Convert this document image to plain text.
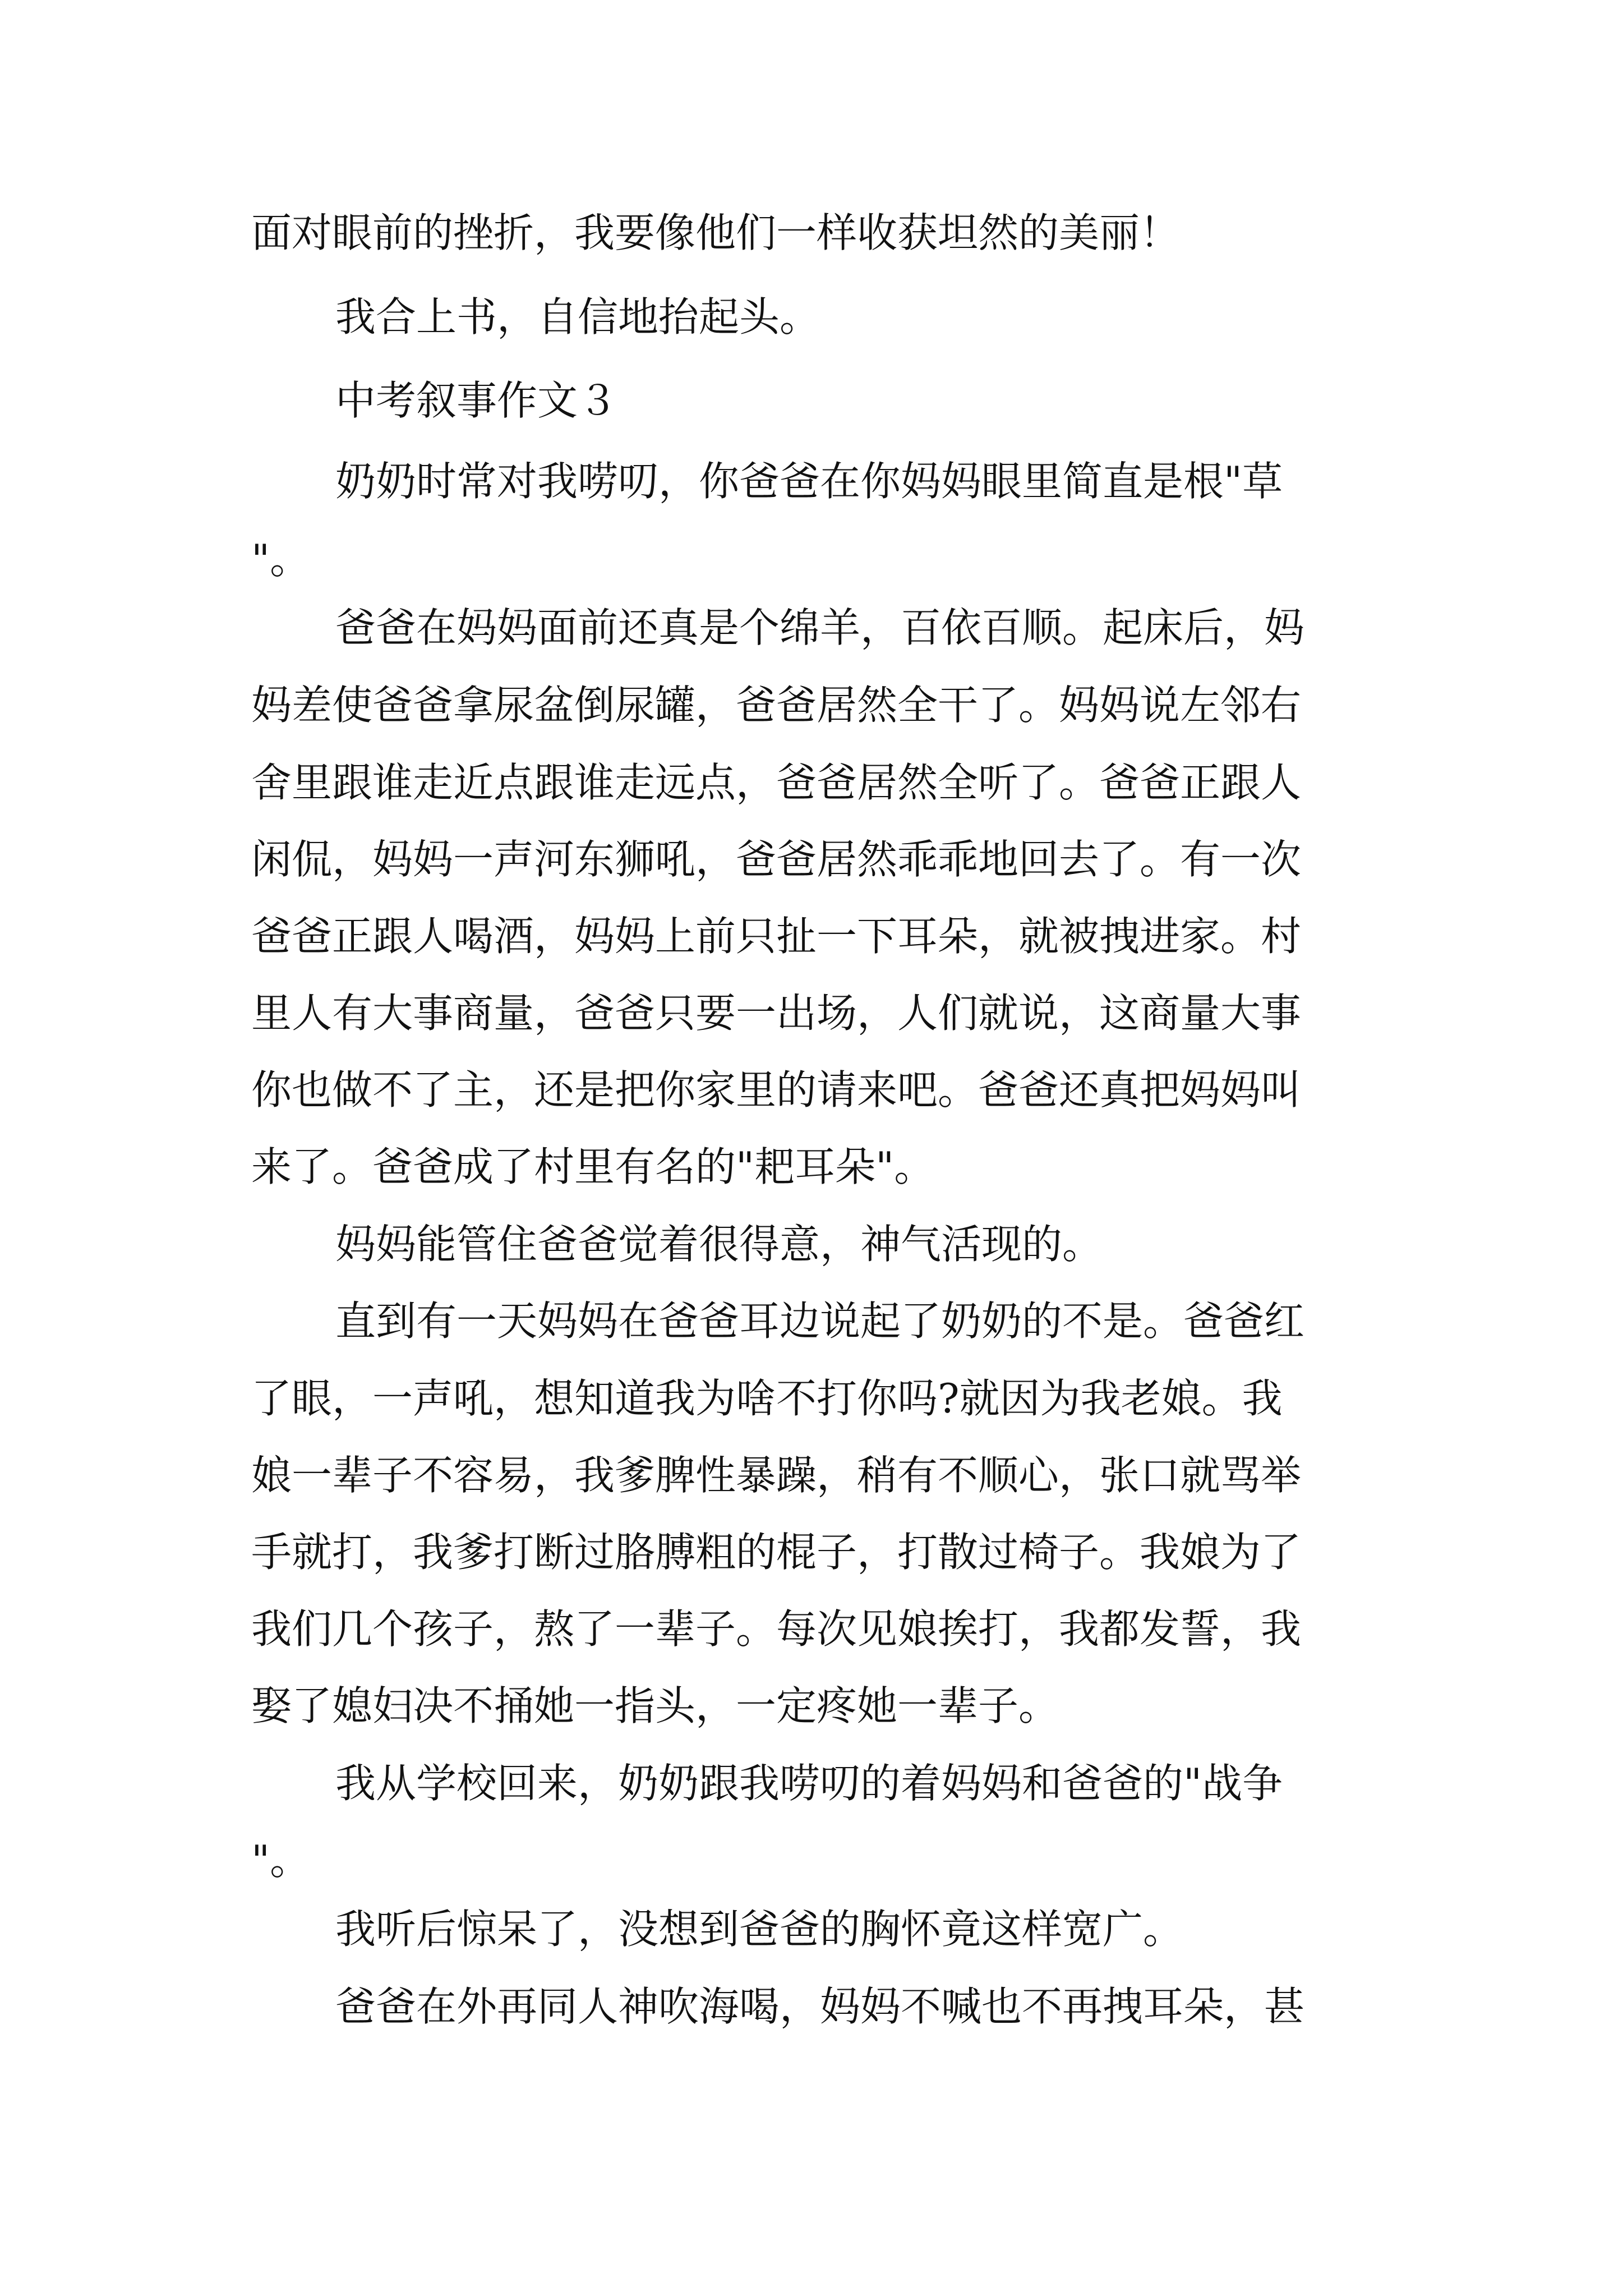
面对眼前的挫折，我要像他们一样收获坦然的美丽！
我合上书，自信地抬起头。
中考叙事作文３
奶奶时常对我唠叨，你爸爸在你妈妈眼里简直是根"草
"。
爸爸在妈妈面前还真是个绵羊，百依百顺。起床后，妈
妈差使爸爸拿尿盆倒尿罐，爸爸居然全干了。妈妈说左邻右
舍里跟谁走近点跟谁走远点，爸爸居然全听了。爸爸正跟人
闲侃，妈妈一声河东狮吼，爸爸居然乖乖地回去了。有一次
爸爸正跟人喝酒，妈妈上前只扯一下耳朵，就被拽进家。村
里人有大事商量，爸爸只要一出场，人们就说，这商量大事
你也做不了主，还是把你家里的请来吧。爸爸还真把妈妈叫
来了。爸爸成了村里有名的"耙耳朵"。
妈妈能管住爸爸觉着很得意，神气活现的。
直到有一天妈妈在爸爸耳边说起了奶奶的不是。爸爸红
了眼，一声吼，想知道我为啥不打你吗?就因为我老娘。我
娘一辈子不容易，我爹脾性暴躁，稍有不顺心，张口就骂举
手就打，我爹打断过胳膊粗的棍子，打散过椅子。我娘为了
我们几个孩子，熬了一辈子。每次见娘挨打，我都发誓，我
娶了媳妇决不捅她一指头，一定疼她一辈子。
我从学校回来，奶奶跟我唠叨的着妈妈和爸爸的"战争
"。
我听后惊呆了，没想到爸爸的胸怀竟这样宽广。
爸爸在外再同人神吹海喝，妈妈不喊也不再拽耳朵，甚
